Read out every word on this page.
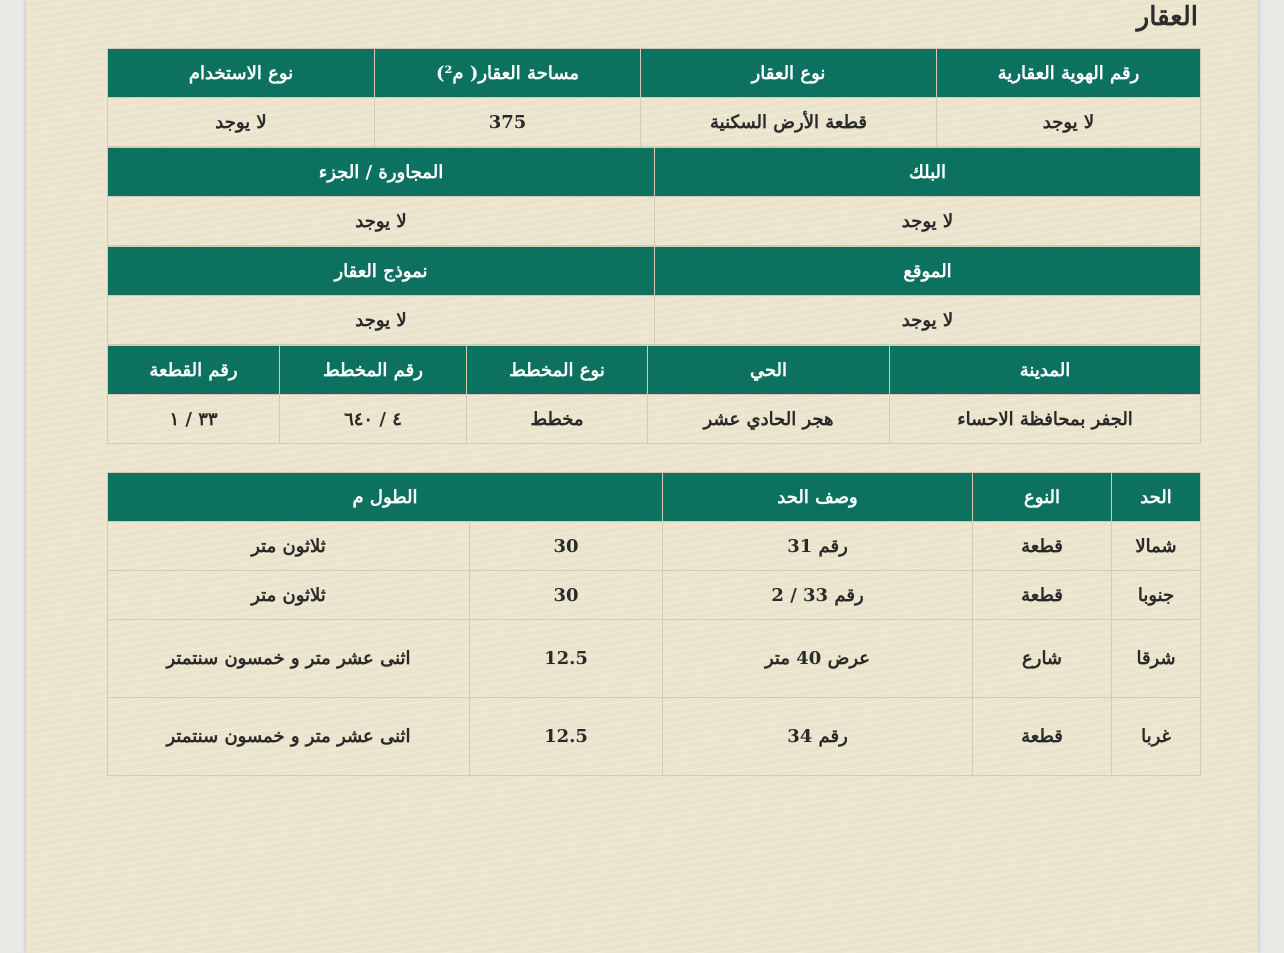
العقار
رقم الهوية العقارية	نوع العقار	مساحة العقار( م²)	نوع الاستخدام
لا يوجد	قطعة الأرض السكنية	375	لا يوجد
البلك	المجاورة / الجزء
لا يوجد	لا يوجد
الموقع	نموذج العقار
لا يوجد	لا يوجد
المدينة	الحي	نوع المخطط	رقم المخطط	رقم القطعة
الجفر بمحافظة الاحساء	هجر الحادي عشر	مخطط	٤ / ٦٤٠	٣٣ / ١
الحد	النوع	وصف الحد	الطول م	
شمالا	قطعة	رقم 31	30	ثلاثون متر
جنوبا	قطعة	رقم 33 / 2	30	ثلاثون متر
شرقا	شارع	عرض 40 متر	12.5	اثنى عشر متر و خمسون سنتمتر
غربا	قطعة	رقم 34	12.5	اثنى عشر متر و خمسون سنتمتر
